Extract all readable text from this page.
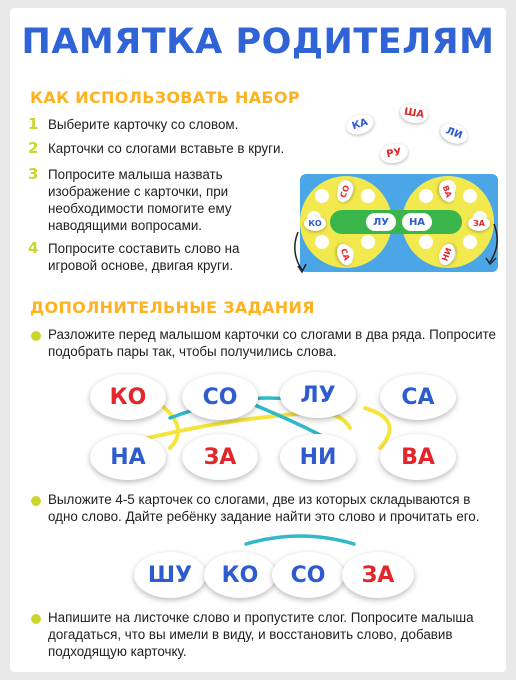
ПАМЯТКА РОДИТЕЛЯМ
КАК ИСПОЛЬЗОВАТЬ НАБОР
1 Выберите карточку со словом.
2 Карточки со слогами вставьте в круги.
3 Попросите малыша назвать изображение с карточки, при необходимости помогите ему наводящими вопросами.
4 Попросите составить слово на игровой основе, двигая круги.
КА
ША
ЛИ
РУ
СО
КО
СА
ВА
ЗА
НИ
ЛУ	НА
ДОПОЛНИТЕЛЬНЫЕ ЗАДАНИЯ
Разложите перед малышом карточки со слогами в два ряда. Попросите подобрать пары так, чтобы получились слова.
КО	СО	ЛУ	СА
НА	ЗА	НИ	ВА
Выложите 4-5 карточек со слогами, две из которых складываются в одно слово. Дайте ребёнку задание найти это слово и прочитать его.
ШУ	КО	СО	ЗА
Напишите на листочке слово и пропустите слог. Попросите малыша догадаться, что вы имели в виду, и восстановить слово, добавив подходящую карточку.
